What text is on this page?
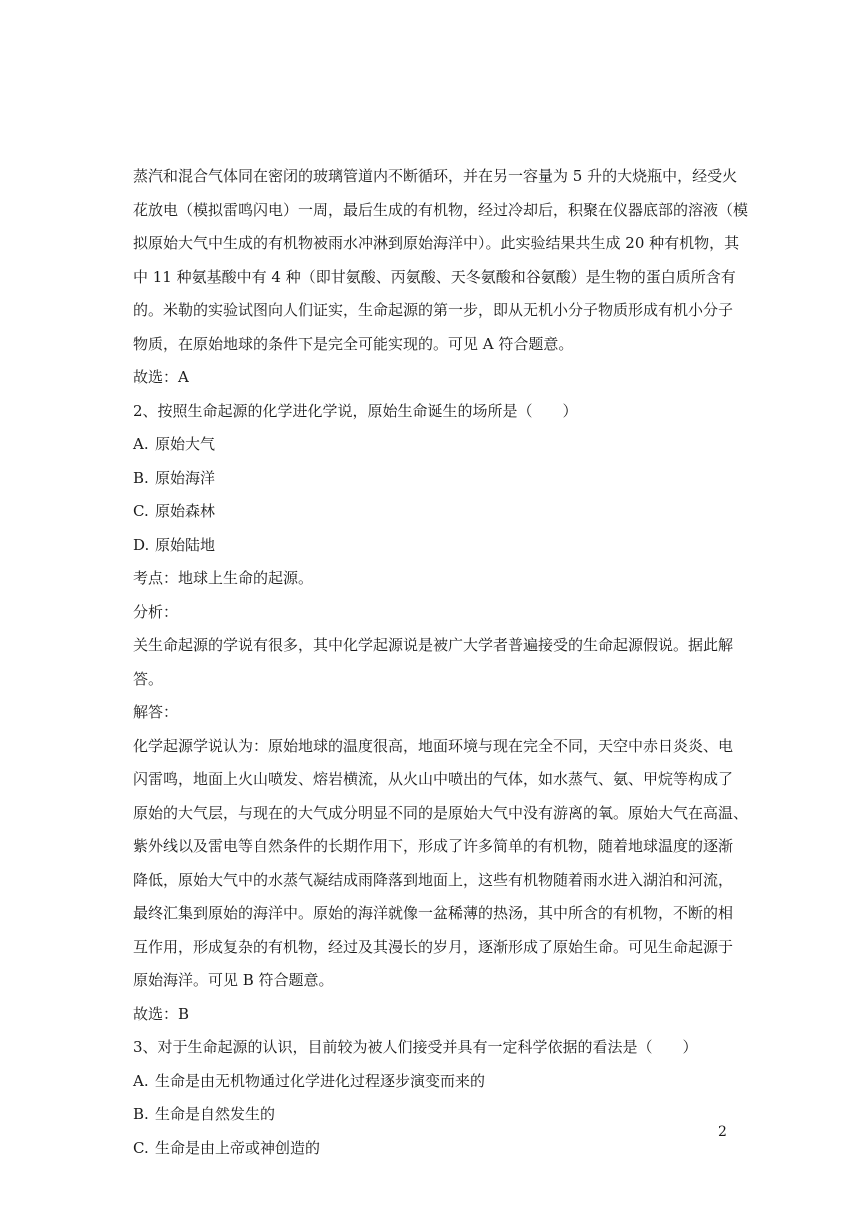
蒸汽和混合气体同在密闭的玻璃管道内不断循环，并在另一容量为 5 升的大烧瓶中，经受火
花放电（模拟雷鸣闪电）一周，最后生成的有机物，经过冷却后，积聚在仪器底部的溶液（模
拟原始大气中生成的有机物被雨水冲淋到原始海洋中）。此实验结果共生成 20 种有机物，其
中 11 种氨基酸中有 4 种（即甘氨酸、丙氨酸、天冬氨酸和谷氨酸）是生物的蛋白质所含有
的。米勒的实验试图向人们证实，生命起源的第一步，即从无机小分子物质形成有机小分子
物质，在原始地球的条件下是完全可能实现的。可见 A 符合题意。
故选：A
2、按照生命起源的化学进化学说，原始生命诞生的场所是（　　）
A. 原始大气
B. 原始海洋
C. 原始森林
D. 原始陆地
考点：地球上生命的起源。
分析：
关生命起源的学说有很多，其中化学起源说是被广大学者普遍接受的生命起源假说。据此解
答。
解答：
化学起源学说认为：原始地球的温度很高，地面环境与现在完全不同，天空中赤日炎炎、电
闪雷鸣，地面上火山喷发、熔岩横流，从火山中喷出的气体，如水蒸气、氨、甲烷等构成了
原始的大气层，与现在的大气成分明显不同的是原始大气中没有游离的氧。原始大气在高温、
紫外线以及雷电等自然条件的长期作用下，形成了许多简单的有机物，随着地球温度的逐渐
降低，原始大气中的水蒸气凝结成雨降落到地面上，这些有机物随着雨水进入湖泊和河流，
最终汇集到原始的海洋中。原始的海洋就像一盆稀薄的热汤，其中所含的有机物，不断的相
互作用，形成复杂的有机物，经过及其漫长的岁月，逐渐形成了原始生命。可见生命起源于
原始海洋。可见 B 符合题意。
故选：B
3、对于生命起源的认识，目前较为被人们接受并具有一定科学依据的看法是（　　）
A. 生命是由无机物通过化学进化过程逐步演变而来的
B. 生命是自然发生的
C. 生命是由上帝或神创造的
2
